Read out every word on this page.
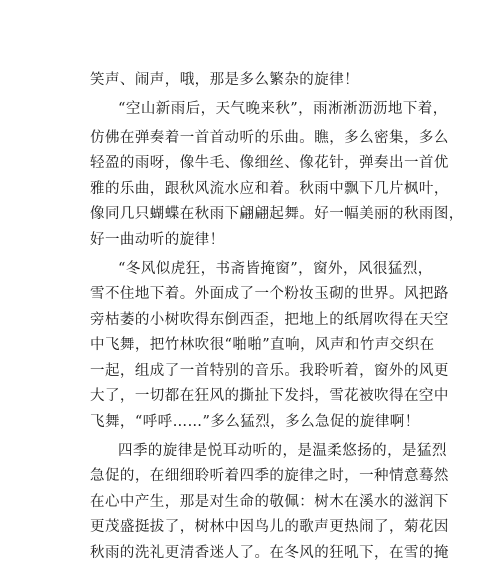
笑声、闹声，哦，那是多么繁杂的旋律！
“空山新雨后，天气晚来秋”，雨淅淅沥沥地下着，
仿佛在弹奏着一首首动听的乐曲。瞧，多么密集，多么
轻盈的雨呀，像牛毛、像细丝、像花针，弹奏出一首优
雅的乐曲，跟秋风流水应和着。秋雨中飘下几片枫叶，
像同几只蝴蝶在秋雨下翩翩起舞。好一幅美丽的秋雨图，
好一曲动听的旋律！
“冬风似虎狂，书斋皆掩窗”，窗外，风很猛烈，
雪不住地下着。外面成了一个粉妆玉砌的世界。风把路
旁枯萎的小树吹得东倒西歪，把地上的纸屑吹得在天空
中飞舞，把竹林吹很“啪啪”直响，风声和竹声交织在
一起，组成了一首特别的音乐。我聆听着，窗外的风更
大了，一切都在狂风的撕扯下发抖，雪花被吹得在空中
飞舞，“呼呼……”多么猛烈，多么急促的旋律啊！
四季的旋律是悦耳动听的，是温柔悠扬的，是猛烈
急促的，在细细聆听着四季的旋律之时，一种情意蓦然
在心中产生，那是对生命的敬佩：树木在溪水的滋润下
更茂盛挺拔了，树林中因鸟儿的歌声更热闹了，菊花因
秋雨的洗礼更清香迷人了。在冬风的狂吼下，在雪的掩
